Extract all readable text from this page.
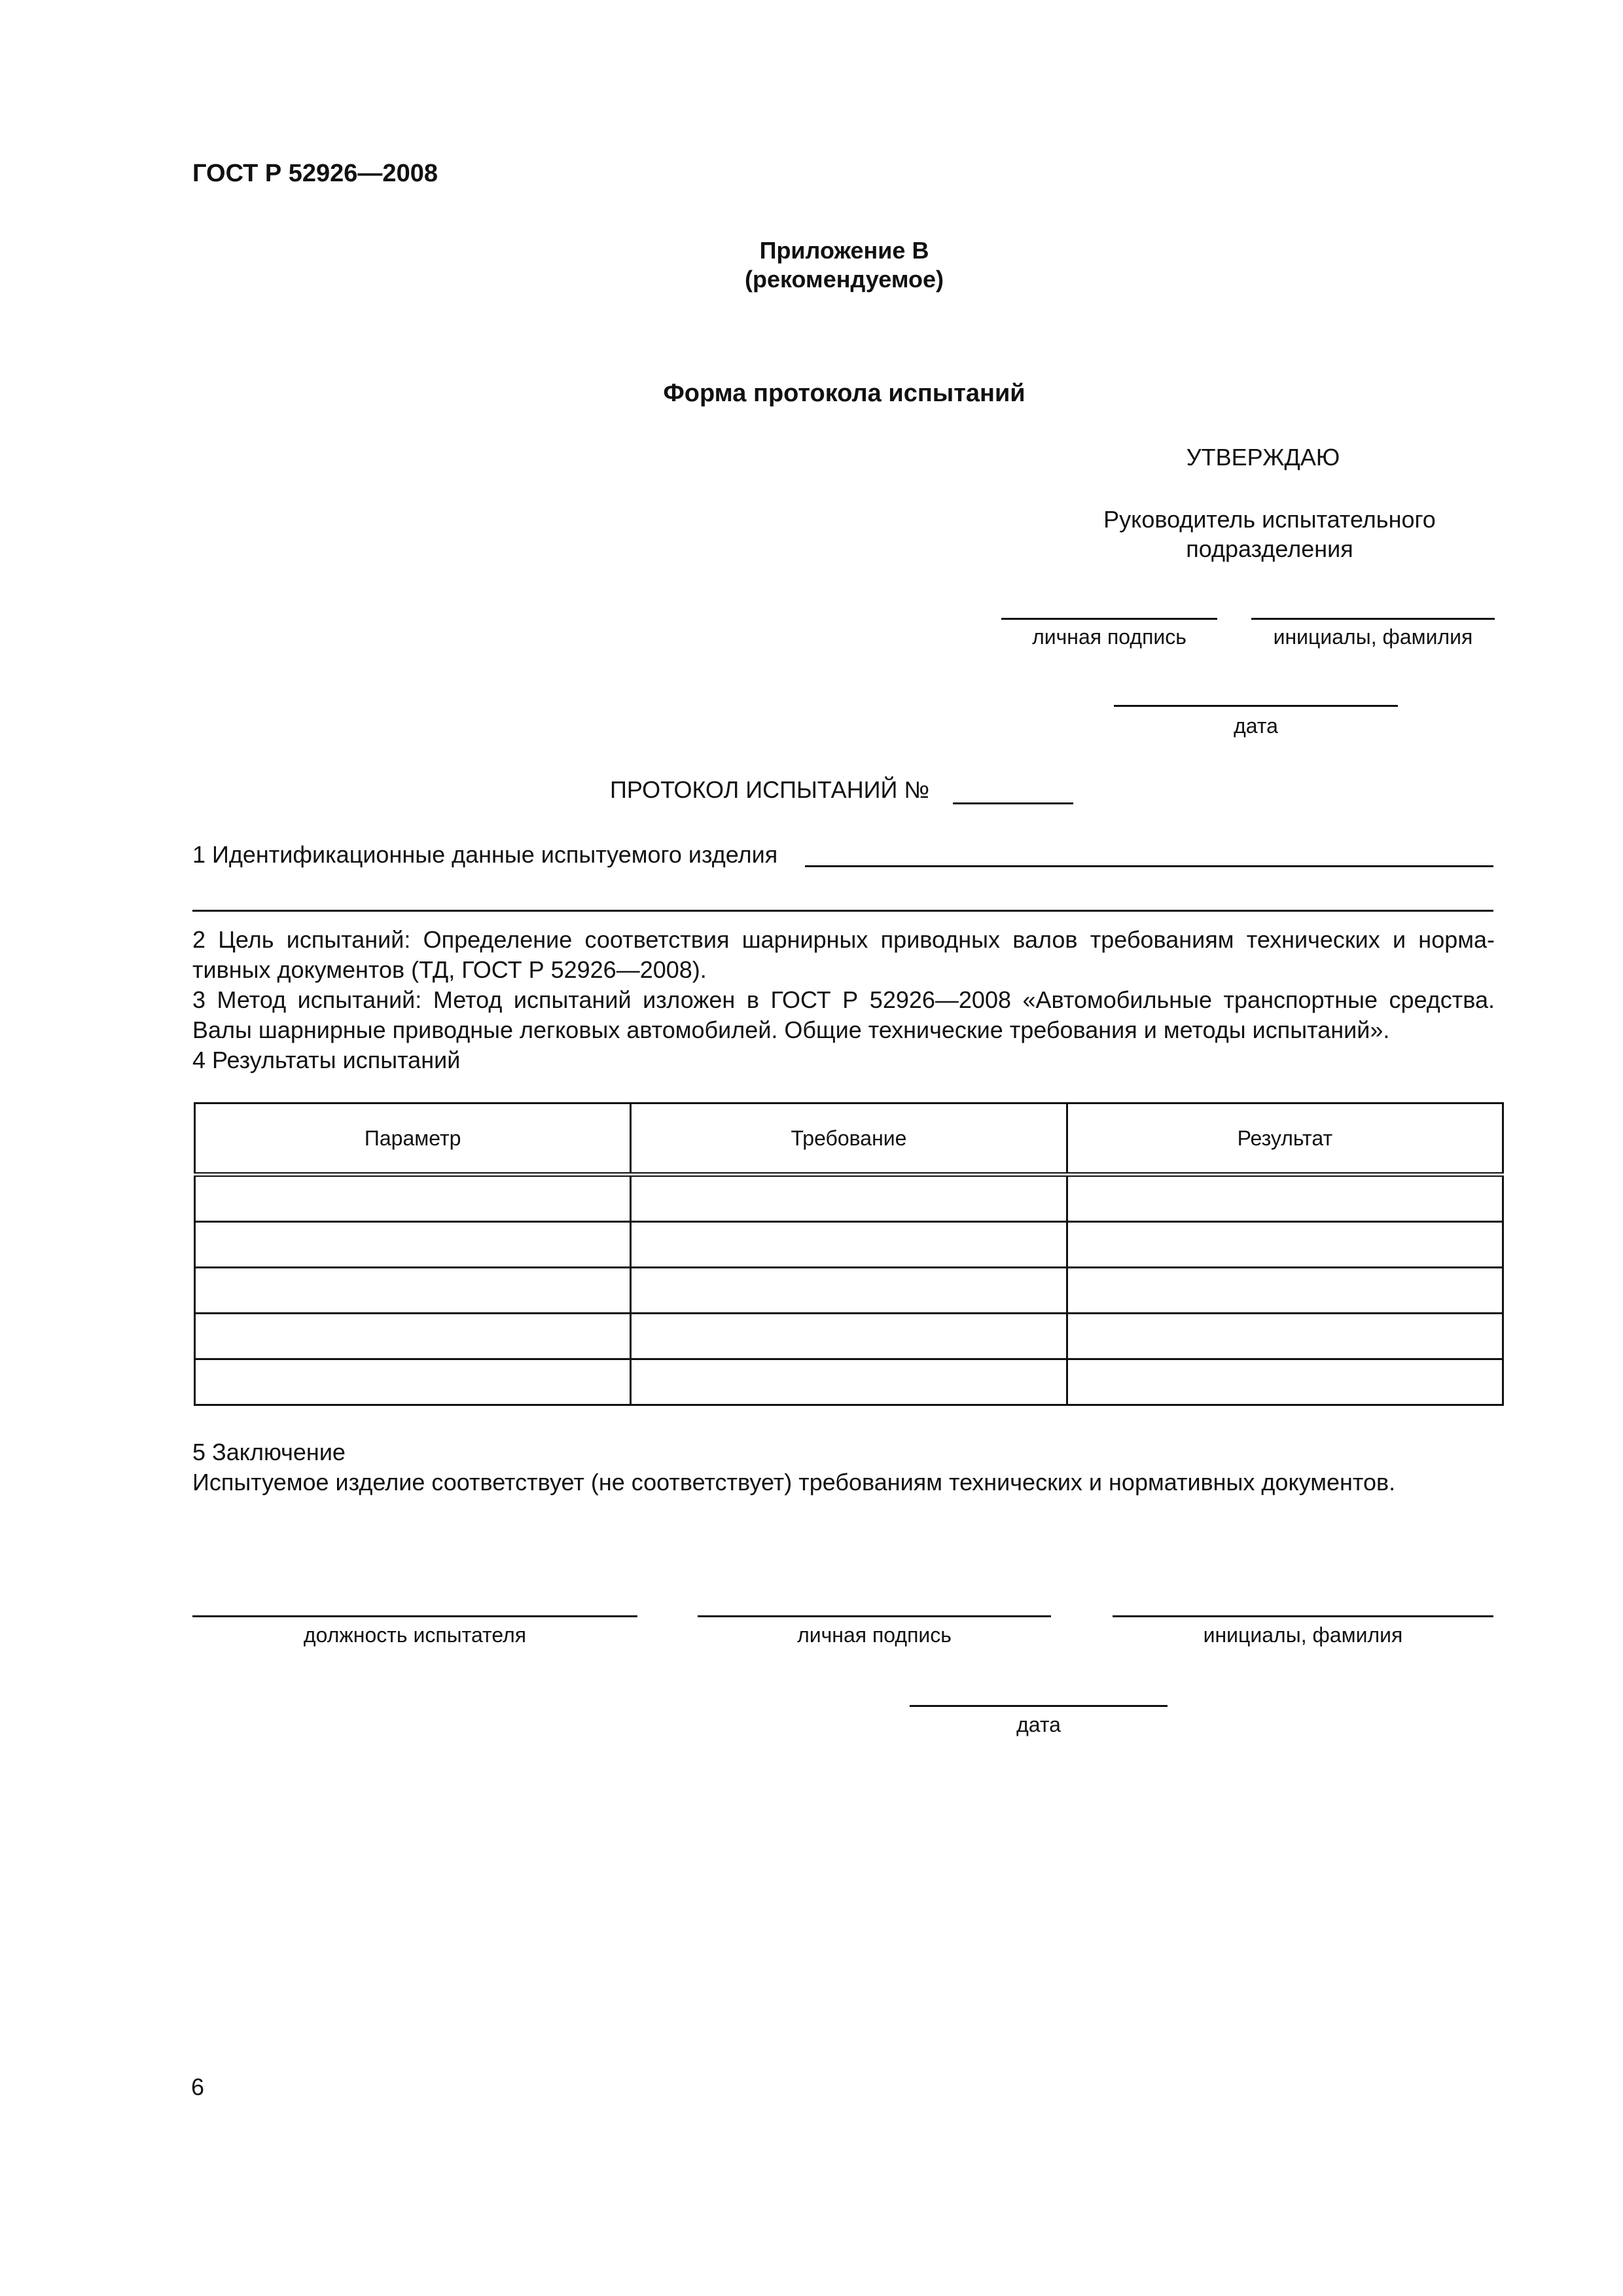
ГОСТ Р 52926—2008
Приложение В
(рекомендуемое)
Форма протокола испытаний
УТВЕРЖДАЮ
Руководитель испытательного
подразделения
личная подпись	инициалы, фамилия
дата
ПРОТОКОЛ ИСПЫТАНИЙ №
1 Идентификационные данные испытуемого изделия
2 Цель испытаний: Определение соответствия шарнирных приводных валов требованиям технических и норма-
тивных документов (ТД, ГОСТ Р 52926—2008).
3 Метод испытаний: Метод испытаний изложен в ГОСТ Р 52926—2008 «Автомобильные транспортные средства.
Валы шарнирные приводные легковых автомобилей. Общие технические требования и методы испытаний».
4 Результаты испытаний
Параметр	Требование	Результат

5 Заключение
Испытуемое изделие соответствует (не соответствует) требованиям технических и нормативных документов.
должность испытателя	личная подпись	инициалы, фамилия
дата
6
